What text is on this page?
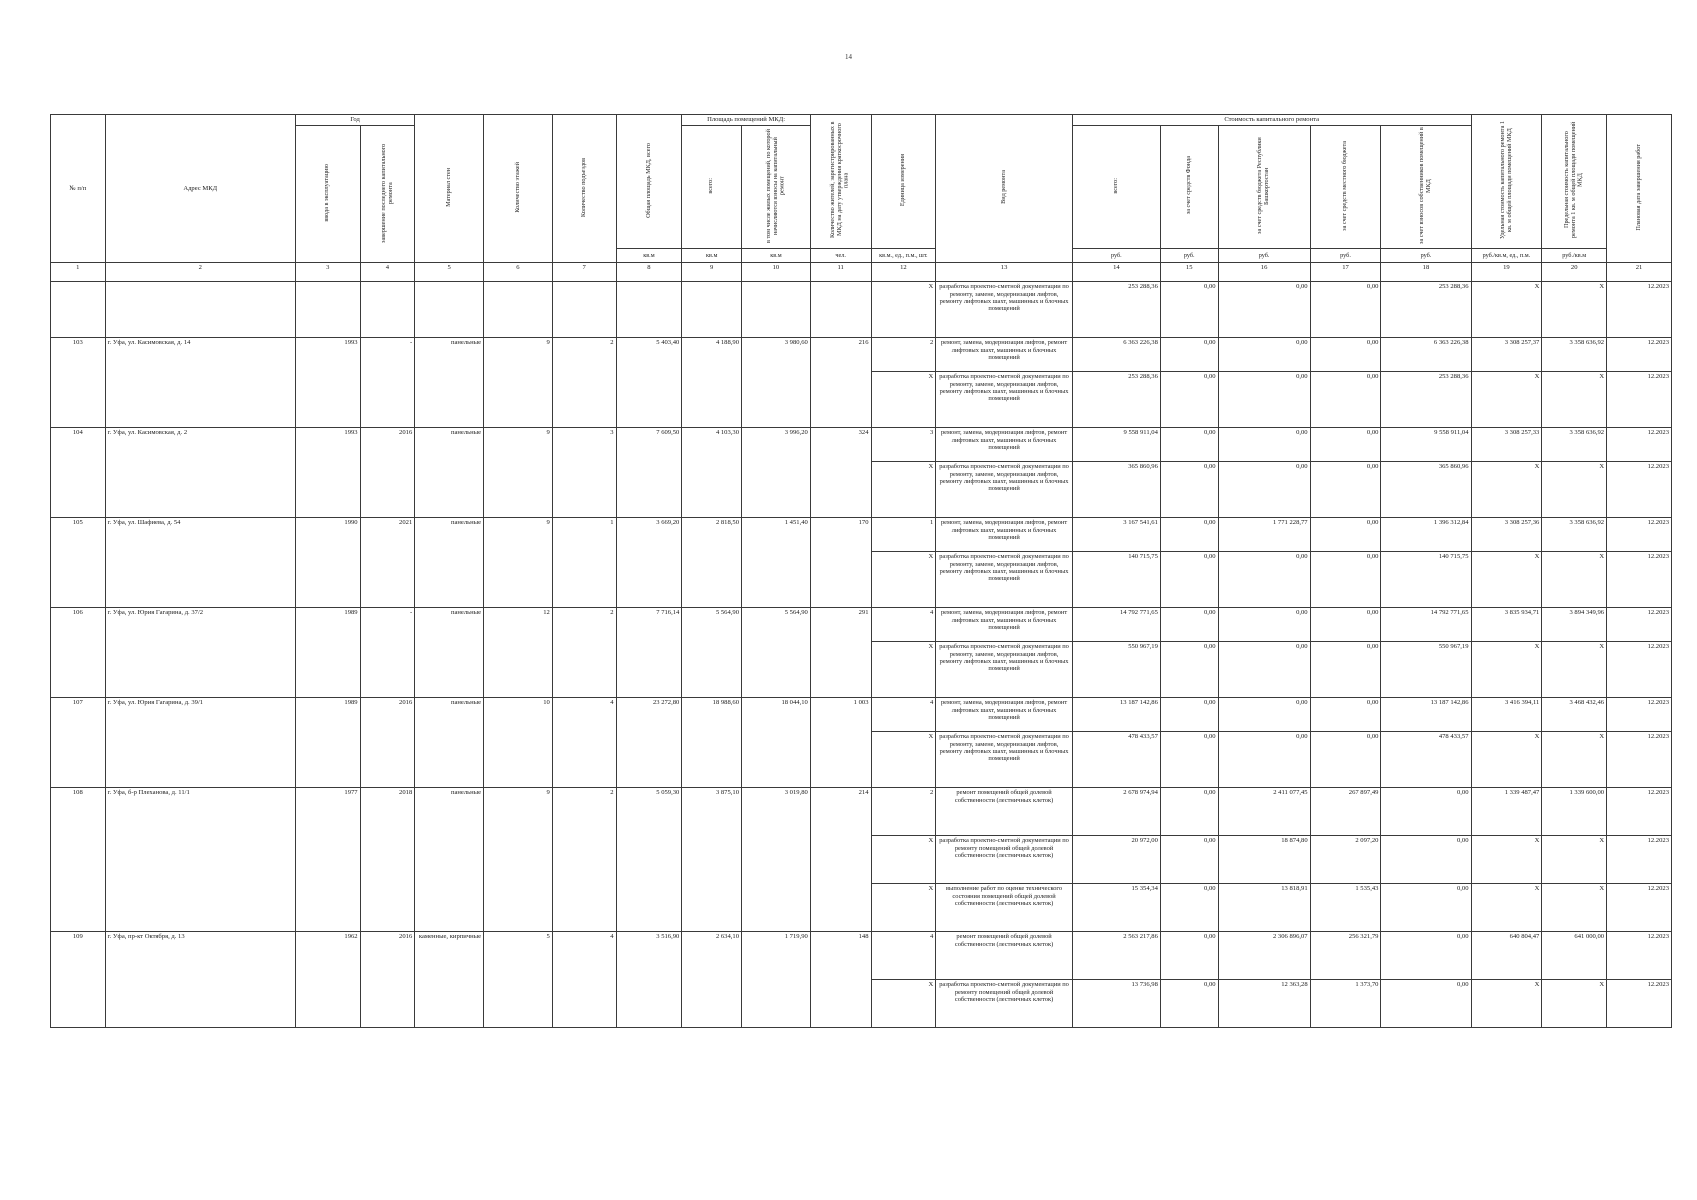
14
№ п/п	Адрес МКД	Год		Материал стен	Количество этажей	Количество подъездов	Общая площадь МКД, всего	Площадь помещений МКД:		Количество жителей, зарегистрированных в МКД на дату утверждения краткосрочного плана	Единица измерения	Вид ремонта	Стоимость капитального ремонта					Удельная стоимость капитального ремонта 1 кв. м общей площади помещений МКД	Предельная стоимость капитального ремонта 1 кв. м общей площади помещений МКД	Плановая дата завершения работ
		ввода в эксплуатацию	завершение последнего капитального ремонта					всего:	в том числе жилых помещений, по которой начисляются взносы на капитальный ремонт				всего:	за счет средств Фонда	за счет средств бюджета Республики Башкортостан	за счет средств местного бюджета	за счет взносов собственников помещений в МКД			
							кв.м	кв.м	кв.м	чел.	кв.м., ед., п.м., шт.		руб.	руб.	руб.	руб.	руб.	руб./кв.м, ед., п.м.	руб./кв.м	
1	2	3	4	5	6	7	8	9	10	11	12	13	14	15	16	17	18	19	20	21
											X	разработка проектно-сметной документации по ремонту, замене, модернизации лифтов, ремонту лифтовых шахт, машинных и блочных помещений	253 288,36	0,00	0,00	0,00	253 288,36	X	X	12.2023
103	г. Уфа, ул. Касимовская, д. 14	1993	-	панельные	9	2	5 403,40	4 188,90	3 980,60	216	2	ремонт, замена, модернизация лифтов, ремонт лифтовых шахт, машинных и блочных помещений	6 363 226,38	0,00	0,00	0,00	6 363 226,38	3 308 257,37	3 358 636,92	12.2023
											X	разработка проектно-сметной документации по ремонту, замене, модернизации лифтов, ремонту лифтовых шахт, машинных и блочных помещений	253 288,36	0,00	0,00	0,00	253 288,36	X	X	12.2023
104	г. Уфа, ул. Касимовская, д. 2	1993	2016	панельные	9	3	7 609,50	4 103,30	3 996,20	324	3	ремонт, замена, модернизация лифтов, ремонт лифтовых шахт, машинных и блочных помещений	9 558 911,04	0,00	0,00	0,00	9 558 911,04	3 308 257,33	3 358 636,92	12.2023
											X	разработка проектно-сметной документации по ремонту, замене, модернизации лифтов, ремонту лифтовых шахт, машинных и блочных помещений	365 860,96	0,00	0,00	0,00	365 860,96	X	X	12.2023
105	г. Уфа, ул. Шафиева, д. 54	1990	2021	панельные	9	1	3 669,20	2 818,50	1 451,40	170	1	ремонт, замена, модернизация лифтов, ремонт лифтовых шахт, машинных и блочных помещений	3 167 541,61	0,00	1 771 228,77	0,00	1 396 312,84	3 308 257,36	3 358 636,92	12.2023
											X	разработка проектно-сметной документации по ремонту, замене, модернизации лифтов, ремонту лифтовых шахт, машинных и блочных помещений	140 715,75	0,00	0,00	0,00	140 715,75	X	X	12.2023
106	г. Уфа, ул. Юрия Гагарина, д. 37/2	1989	-	панельные	12	2	7 716,14	5 564,90	5 564,90	291	4	ремонт, замена, модернизация лифтов, ремонт лифтовых шахт, машинных и блочных помещений	14 792 771,65	0,00	0,00	0,00	14 792 771,65	3 835 934,71	3 894 349,96	12.2023
											X	разработка проектно-сметной документации по ремонту, замене, модернизации лифтов, ремонту лифтовых шахт, машинных и блочных помещений	550 967,19	0,00	0,00	0,00	550 967,19	X	X	12.2023
107	г. Уфа, ул. Юрия Гагарина, д. 39/1	1989	2016	панельные	10	4	23 272,80	18 988,60	18 044,10	1 003	4	ремонт, замена, модернизация лифтов, ремонт лифтовых шахт, машинных и блочных помещений	13 187 142,86	0,00	0,00	0,00	13 187 142,86	3 416 394,11	3 468 432,46	12.2023
											X	разработка проектно-сметной документации по ремонту, замене, модернизации лифтов, ремонту лифтовых шахт, машинных и блочных помещений	478 433,57	0,00	0,00	0,00	478 433,57	X	X	12.2023
108	г. Уфа, б-р Плеханова, д. 11/1	1977	2018	панельные	9	2	5 059,30	3 875,10	3 019,80	214	2	ремонт помещений общей долевой собственности (лестничных клеток)	2 678 974,94	0,00	2 411 077,45	267 897,49	0,00	1 339 487,47	1 339 600,00	12.2023
											X	разработка проектно-сметной документации по ремонту помещений общей долевой собственности (лестничных клеток)	20 972,00	0,00	18 874,80	2 097,20	0,00	X	X	12.2023
											X	выполнение работ по оценке технического состояния помещений общей долевой собственности (лестничных клеток)	15 354,34	0,00	13 818,91	1 535,43	0,00	X	X	12.2023
109	г. Уфа, пр-кт Октября, д. 13	1962	2016	каменные, кирпичные	5	4	3 516,90	2 634,10	1 719,90	148	4	ремонт помещений общей долевой собственности (лестничных клеток)	2 563 217,86	0,00	2 306 896,07	256 321,79	0,00	640 804,47	641 000,00	12.2023
											X	разработка проектно-сметной документации по ремонту помещений общей долевой собственности (лестничных клеток)	13 736,98	0,00	12 363,28	1 373,70	0,00	X	X	12.2023
